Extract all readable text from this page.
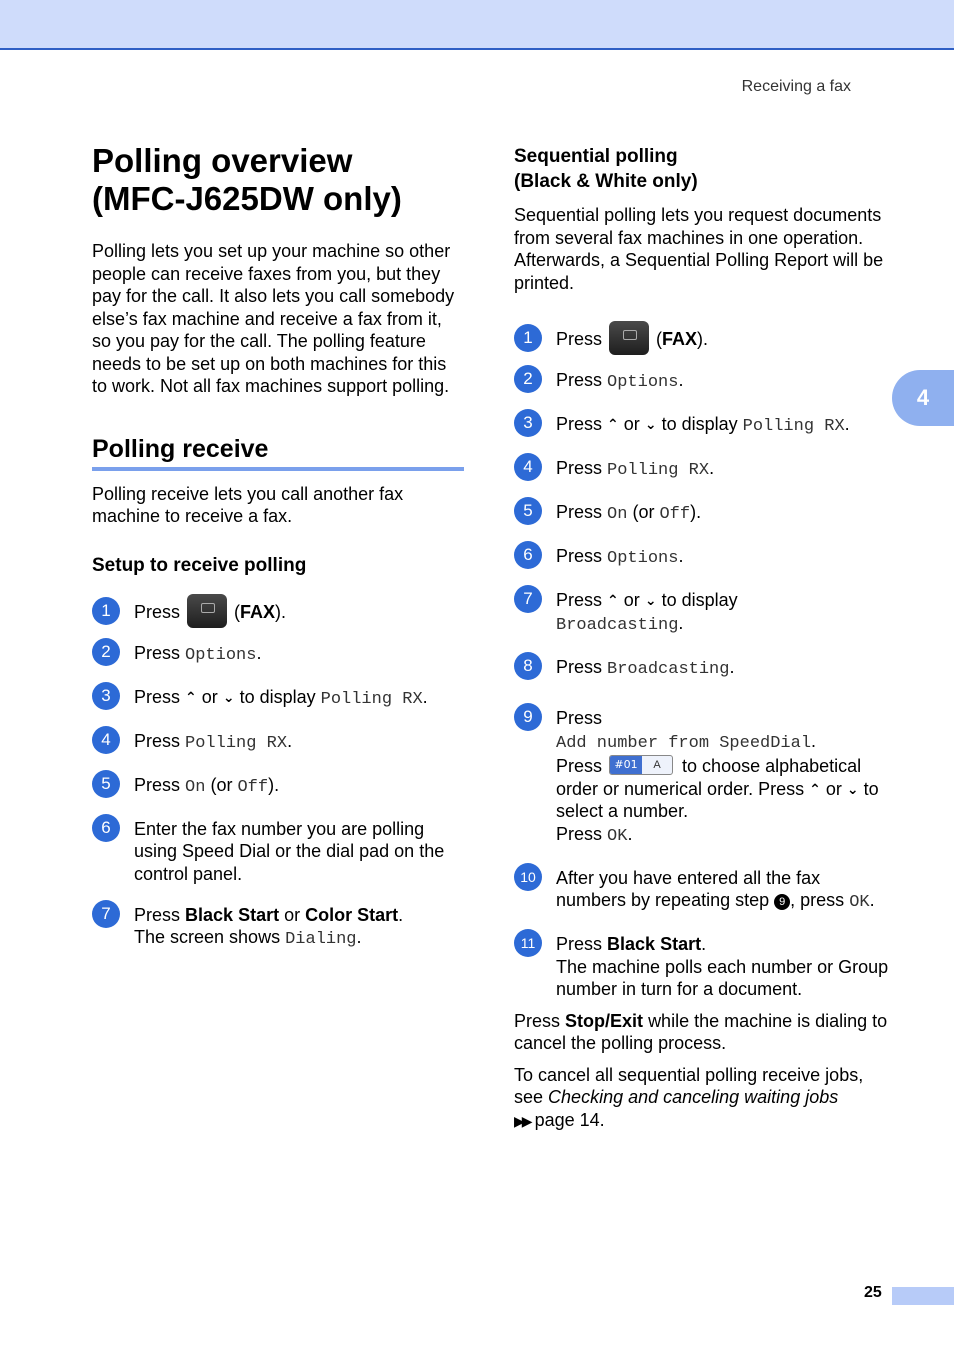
Receiving a fax
4
Polling overview
(MFC-J625DW only)

Polling lets you set up your machine so other people can receive faxes from you, but they pay for the call. It also lets you call somebody else’s fax machine and receive a fax from it, so you pay for the call. The polling feature needs to be set up on both machines for this to work. Not all fax machines support polling.

Polling receive

Polling receive lets you call another fax machine to receive a fax.

Setup to receive polling
1	Press	(FAX).
2	Press Options.
3	Press ⌃ or ⌄ to display Polling RX.
4	Press Polling RX.
5	Press On (or Off).
6	Enter the fax number you are polling using Speed Dial or the dial pad on the control panel.
7	Press Black Start or Color Start.
The screen shows Dialing.
Sequential polling
(Black & White only)

Sequential polling lets you request documents from several fax machines in one operation. Afterwards, a Sequential Polling Report will be printed.

1	Press	(FAX).
2	Press Options.
3	Press ⌃ or ⌄ to display Polling RX.
4	Press Polling RX.
5	Press On (or Off).
6	Press Options.
7	Press ⌃ or ⌄ to display
Broadcasting.
8	Press Broadcasting.
9	Press
Add number from SpeedDial.
Press	#01	A	to choose alphabetical order or numerical order. Press ⌃ or ⌄ to select a number.
Press OK.
10	After you have entered all the fax numbers by repeating step 9 , press OK.
11	Press Black Start.
The machine polls each number or Group number in turn for a document.

Press Stop/Exit while the machine is dialing to cancel the polling process.

To cancel all sequential polling receive jobs, see Checking and canceling waiting jobs
▶▶ page 14.

25
